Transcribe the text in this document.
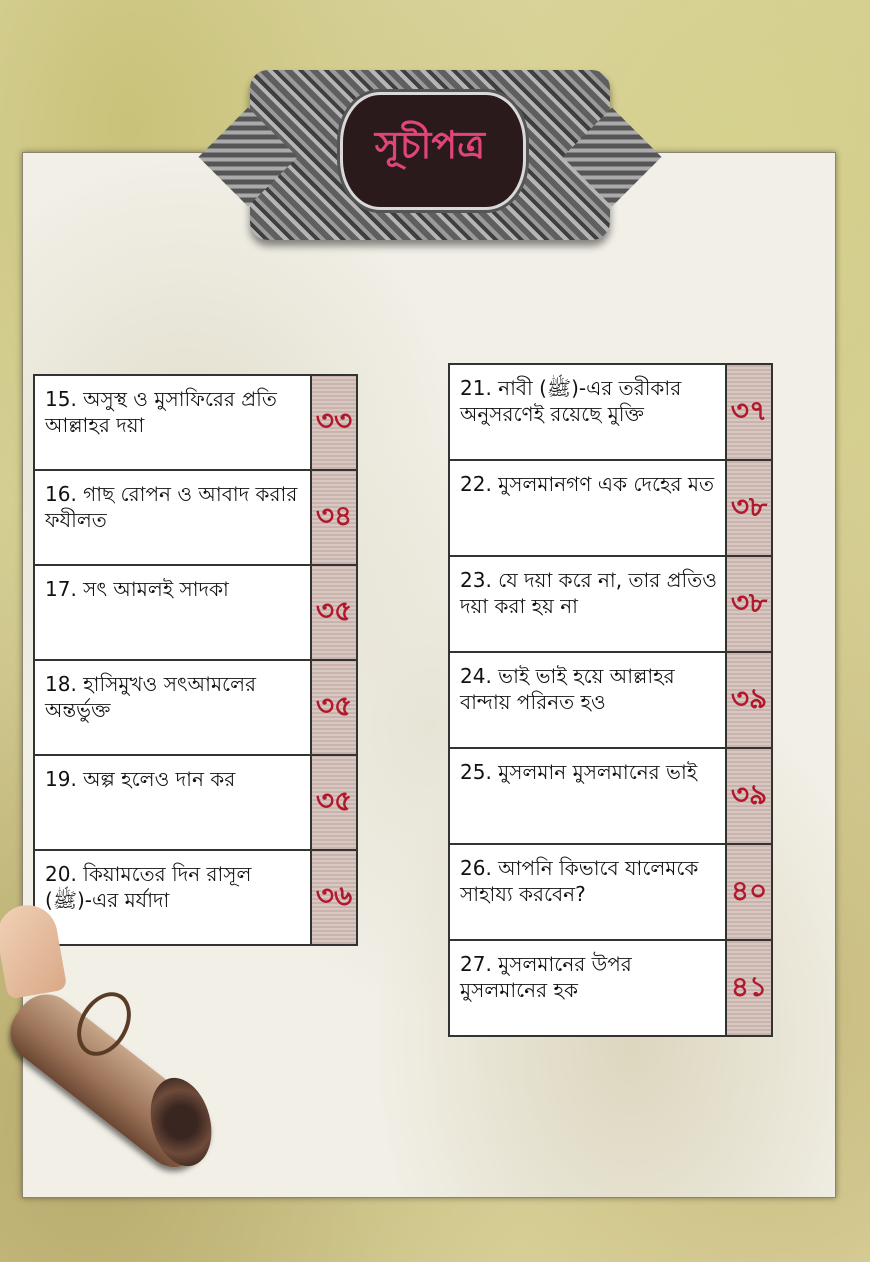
সূচীপত্র
15. অসুস্থ ও মুসাফিরের প্রতি আল্লাহর দয়া	৩৩
16. গাছ রোপন ও আবাদ করার ফযীলত	৩৪
17. সৎ আমলই সাদকা	৩৫
18. হাসিমুখও সৎআমলের অন্তর্ভুক্ত	৩৫
19. অল্প হলেও দান কর	৩৫
20. কিয়ামতের দিন রাসূল (ﷺ)-এর মর্যাদা	৩৬
21. নাবী (ﷺ)-এর তরীকার অনুসরণেই রয়েছে মুক্তি	৩৭
22. মুসলমানগণ এক দেহের মত	৩৮
23. যে দয়া করে না, তার প্রতিও দয়া করা হয় না	৩৮
24. ভাই ভাই হয়ে আল্লাহর বান্দায় পরিনত হও	৩৯
25. মুসলমান মুসলমানের ভাই	৩৯
26. আপনি কিভাবে যালেমকে সাহায্য করবেন?	৪০
27. মুসলমানের উপর মুসলমানের হক	৪১
